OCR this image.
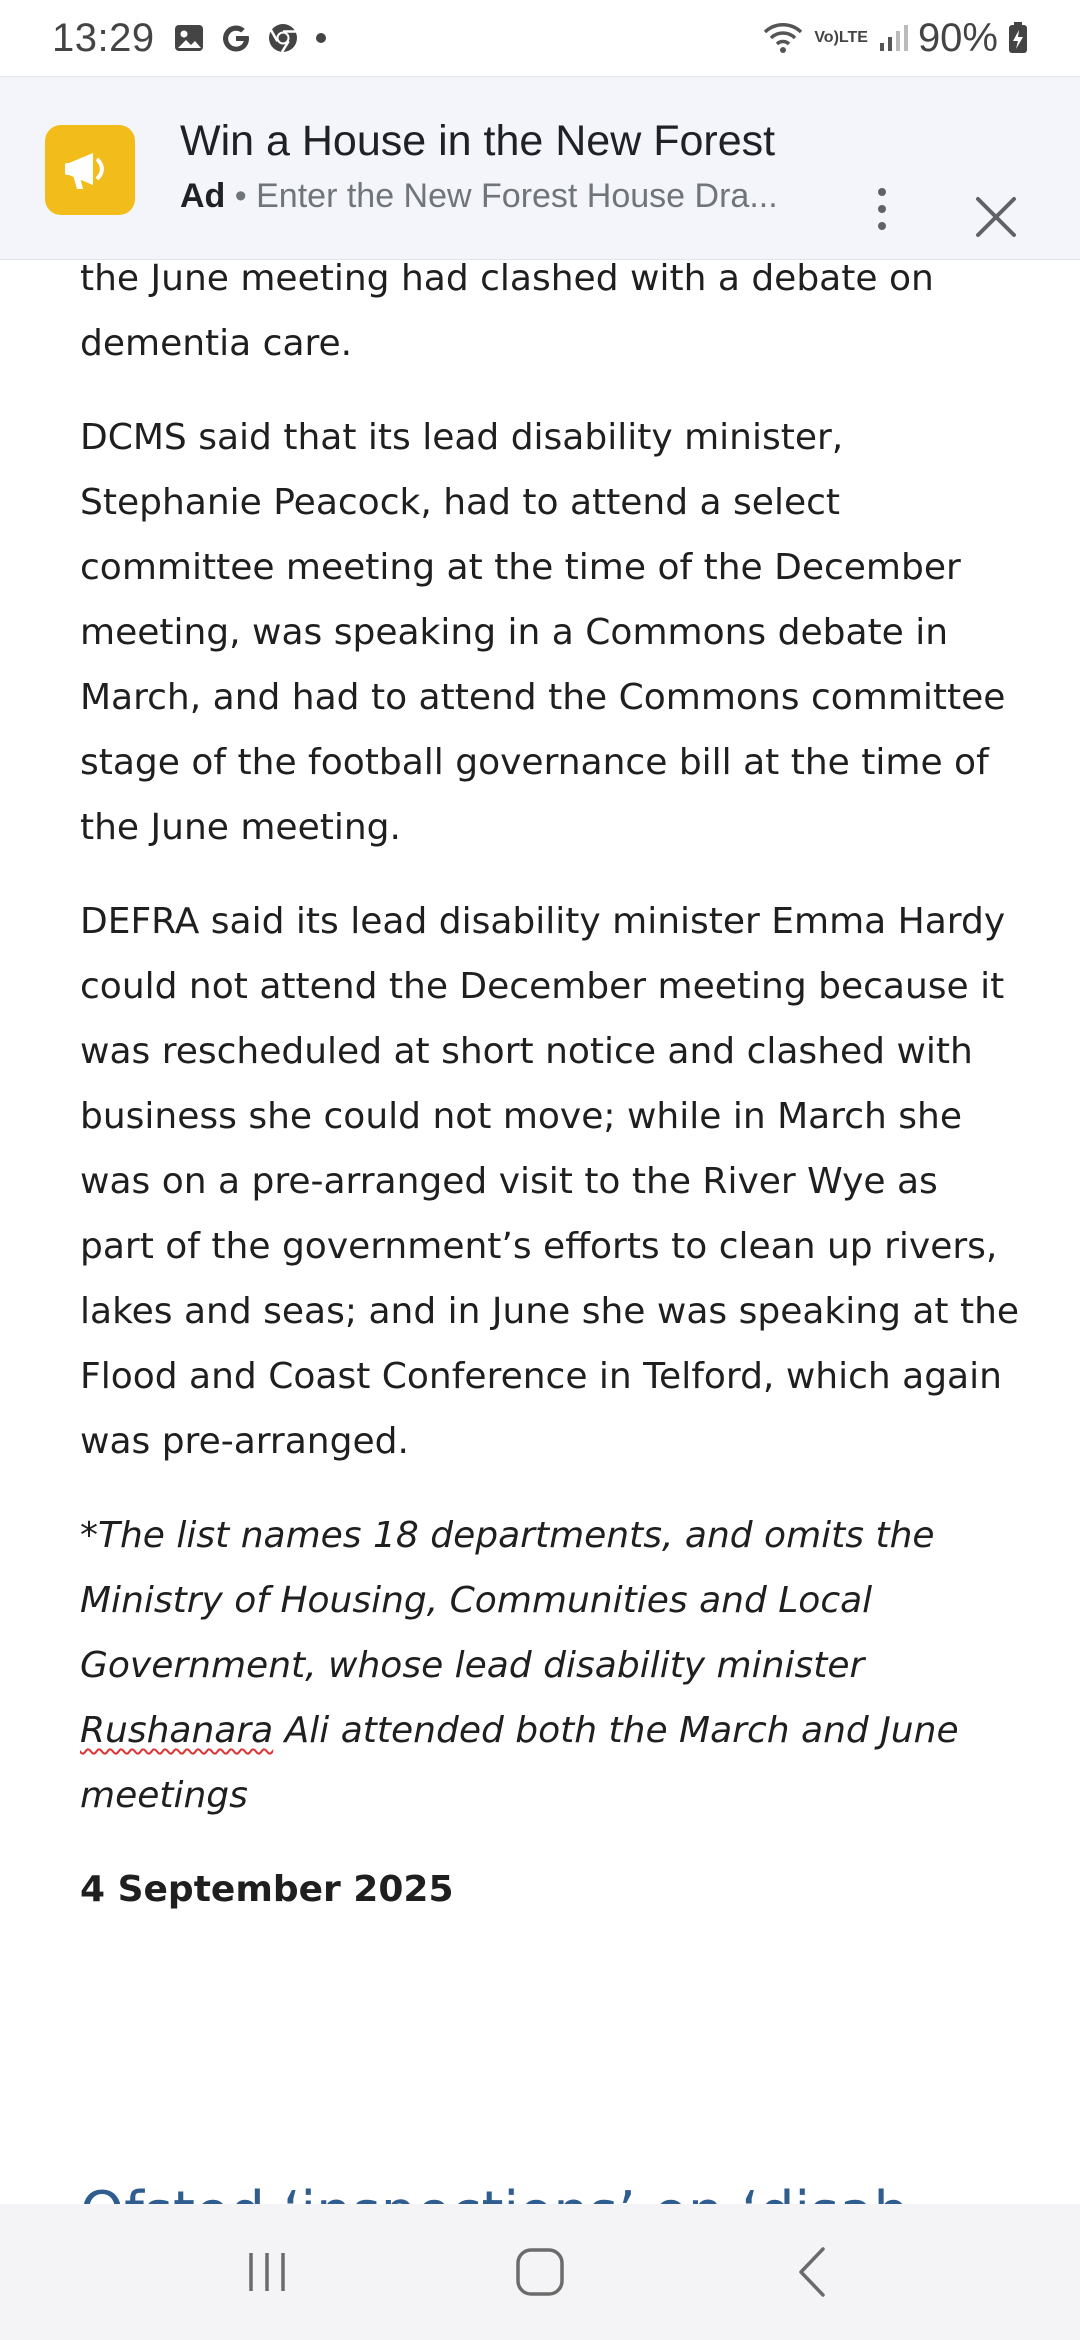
13:29	Vo) LTE 90%
Win a House in the New Forest
Ad • Enter the New Forest House Dra...

the June meeting had clashed with a debate on dementia care.

DCMS said that its lead disability minister, Stephanie Peacock, had to attend a select committee meeting at the time of the December meeting, was speaking in a Commons debate in March, and had to attend the Commons committee stage of the football governance bill at the time of the June meeting.

DEFRA said its lead disability minister Emma Hardy could not attend the December meeting because it was rescheduled at short notice and clashed with business she could not move; while in March she was on a pre-arranged visit to the River Wye as part of the government’s efforts to clean up rivers, lakes and seas; and in June she was speaking at the Flood and Coast Conference in Telford, which again was pre-arranged.

*The list names 18 departments, and omits the Ministry of Housing, Communities and Local Government, whose lead disability minister Rushanara Ali attended both the March and June meetings

4 September 2025
